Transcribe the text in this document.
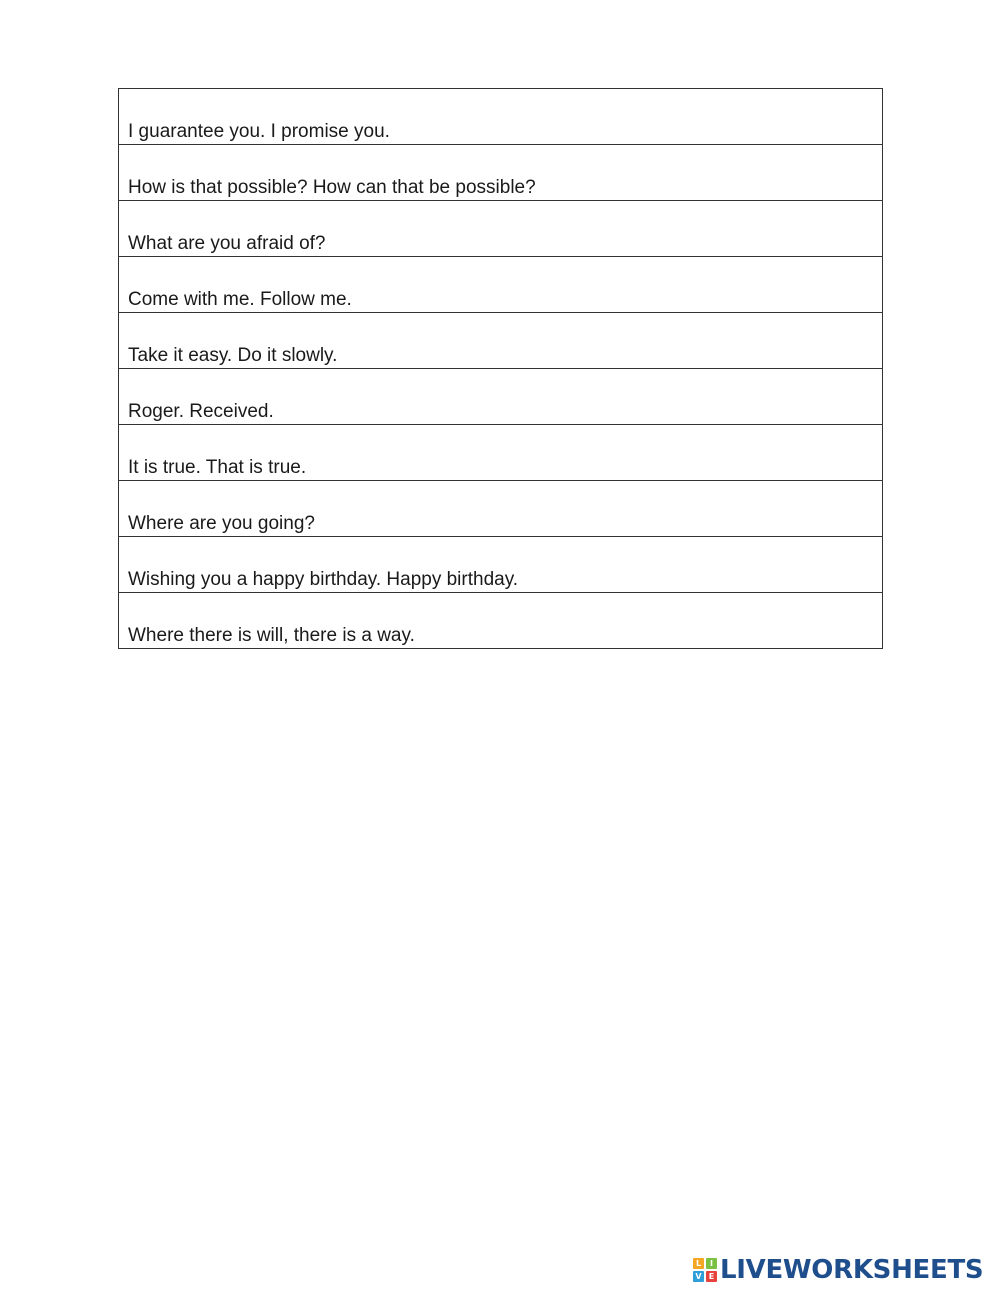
I guarantee you. I promise you.

How is that possible? How can that be possible?

What are you afraid of?

Come with me. Follow me.

Take it easy. Do it slowly.

Roger. Received.

It is true. That is true.

Where are you going?

Wishing you a happy birthday. Happy birthday.

Where there is will, there is a way.
L	I
V E LIVEWORKSHEETS
